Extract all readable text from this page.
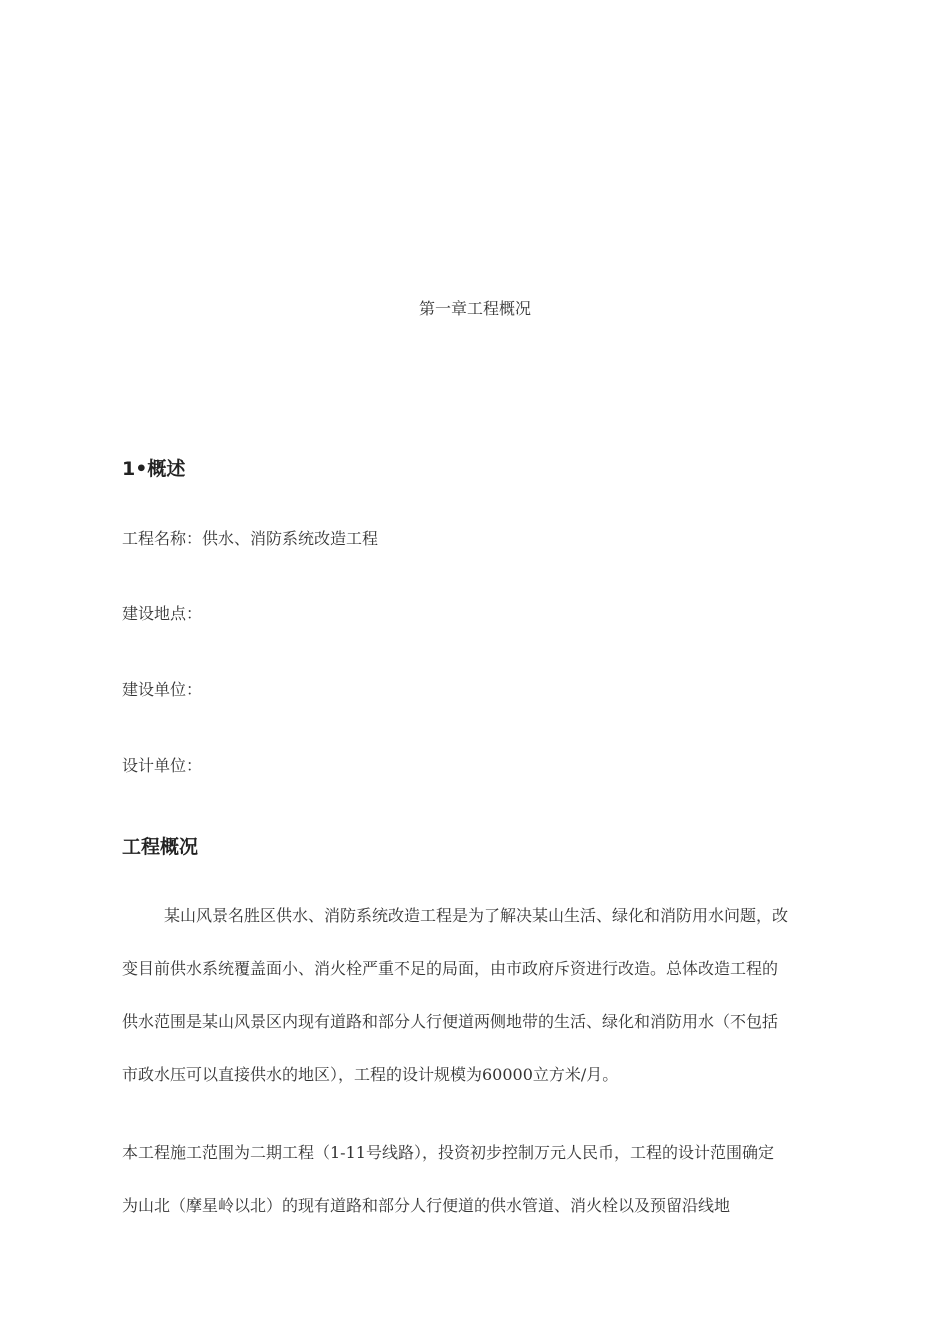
第一章工程概况
1•概述
工程名称：供水、消防系统改造工程
建设地点：
建设单位：
设计单位：
工程概况
某山风景名胜区供水、消防系统改造工程是为了解决某山生活、绿化和消防用水问题，改
变目前供水系统覆盖面小、消火栓严重不足的局面，由市政府斥资进行改造。总体改造工程的
供水范围是某山风景区内现有道路和部分人行便道两侧地带的生活、绿化和消防用水（不包括
市政水压可以直接供水的地区），工程的设计规模为60000立方米/月。
本工程施工范围为二期工程（1-11号线路），投资初步控制万元人民币，工程的设计范围确定
为山北（摩星岭以北）的现有道路和部分人行便道的供水管道、消火栓以及预留沿线地
